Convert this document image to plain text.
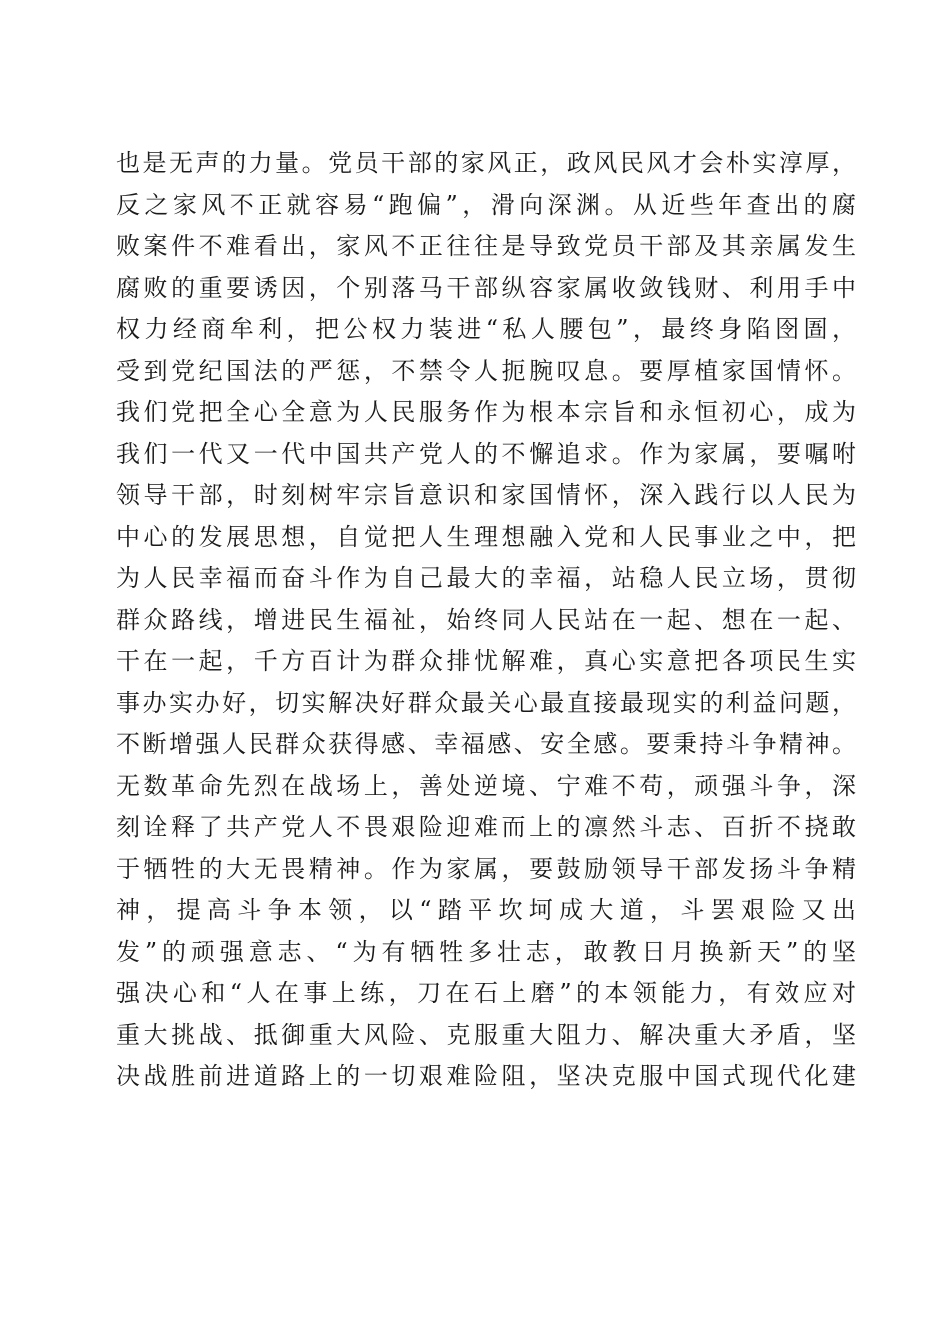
也是无声的力量。党员干部的家风正，政风民风才会朴实淳厚，
反之家风不正就容易“跑偏”，滑向深渊。从近些年查出的腐
败案件不难看出，家风不正往往是导致党员干部及其亲属发生
腐败的重要诱因，个别落马干部纵容家属收敛钱财、利用手中
权力经商牟利，把公权力装进“私人腰包”，最终身陷囹圄，
受到党纪国法的严惩，不禁令人扼腕叹息。要厚植家国情怀。
我们党把全心全意为人民服务作为根本宗旨和永恒初心，成为
我们一代又一代中国共产党人的不懈追求。作为家属，要嘱咐
领导干部，时刻树牢宗旨意识和家国情怀，深入践行以人民为
中心的发展思想，自觉把人生理想融入党和人民事业之中，把
为人民幸福而奋斗作为自己最大的幸福，站稳人民立场，贯彻
群众路线，增进民生福祉，始终同人民站在一起、想在一起、
干在一起，千方百计为群众排忧解难，真心实意把各项民生实
事办实办好，切实解决好群众最关心最直接最现实的利益问题，
不断增强人民群众获得感、幸福感、安全感。要秉持斗争精神。
无数革命先烈在战场上，善处逆境、宁难不苟，顽强斗争，深
刻诠释了共产党人不畏艰险迎难而上的凛然斗志、百折不挠敢
于牺牲的大无畏精神。作为家属，要鼓励领导干部发扬斗争精
神，提高斗争本领，以“踏平坎坷成大道，斗罢艰险又出
发”的顽强意志、“为有牺牲多壮志，敢教日月换新天”的坚
强决心和“人在事上练，刀在石上磨”的本领能力，有效应对
重大挑战、抵御重大风险、克服重大阻力、解决重大矛盾，坚
决战胜前进道路上的一切艰难险阻，坚决克服中国式现代化建
